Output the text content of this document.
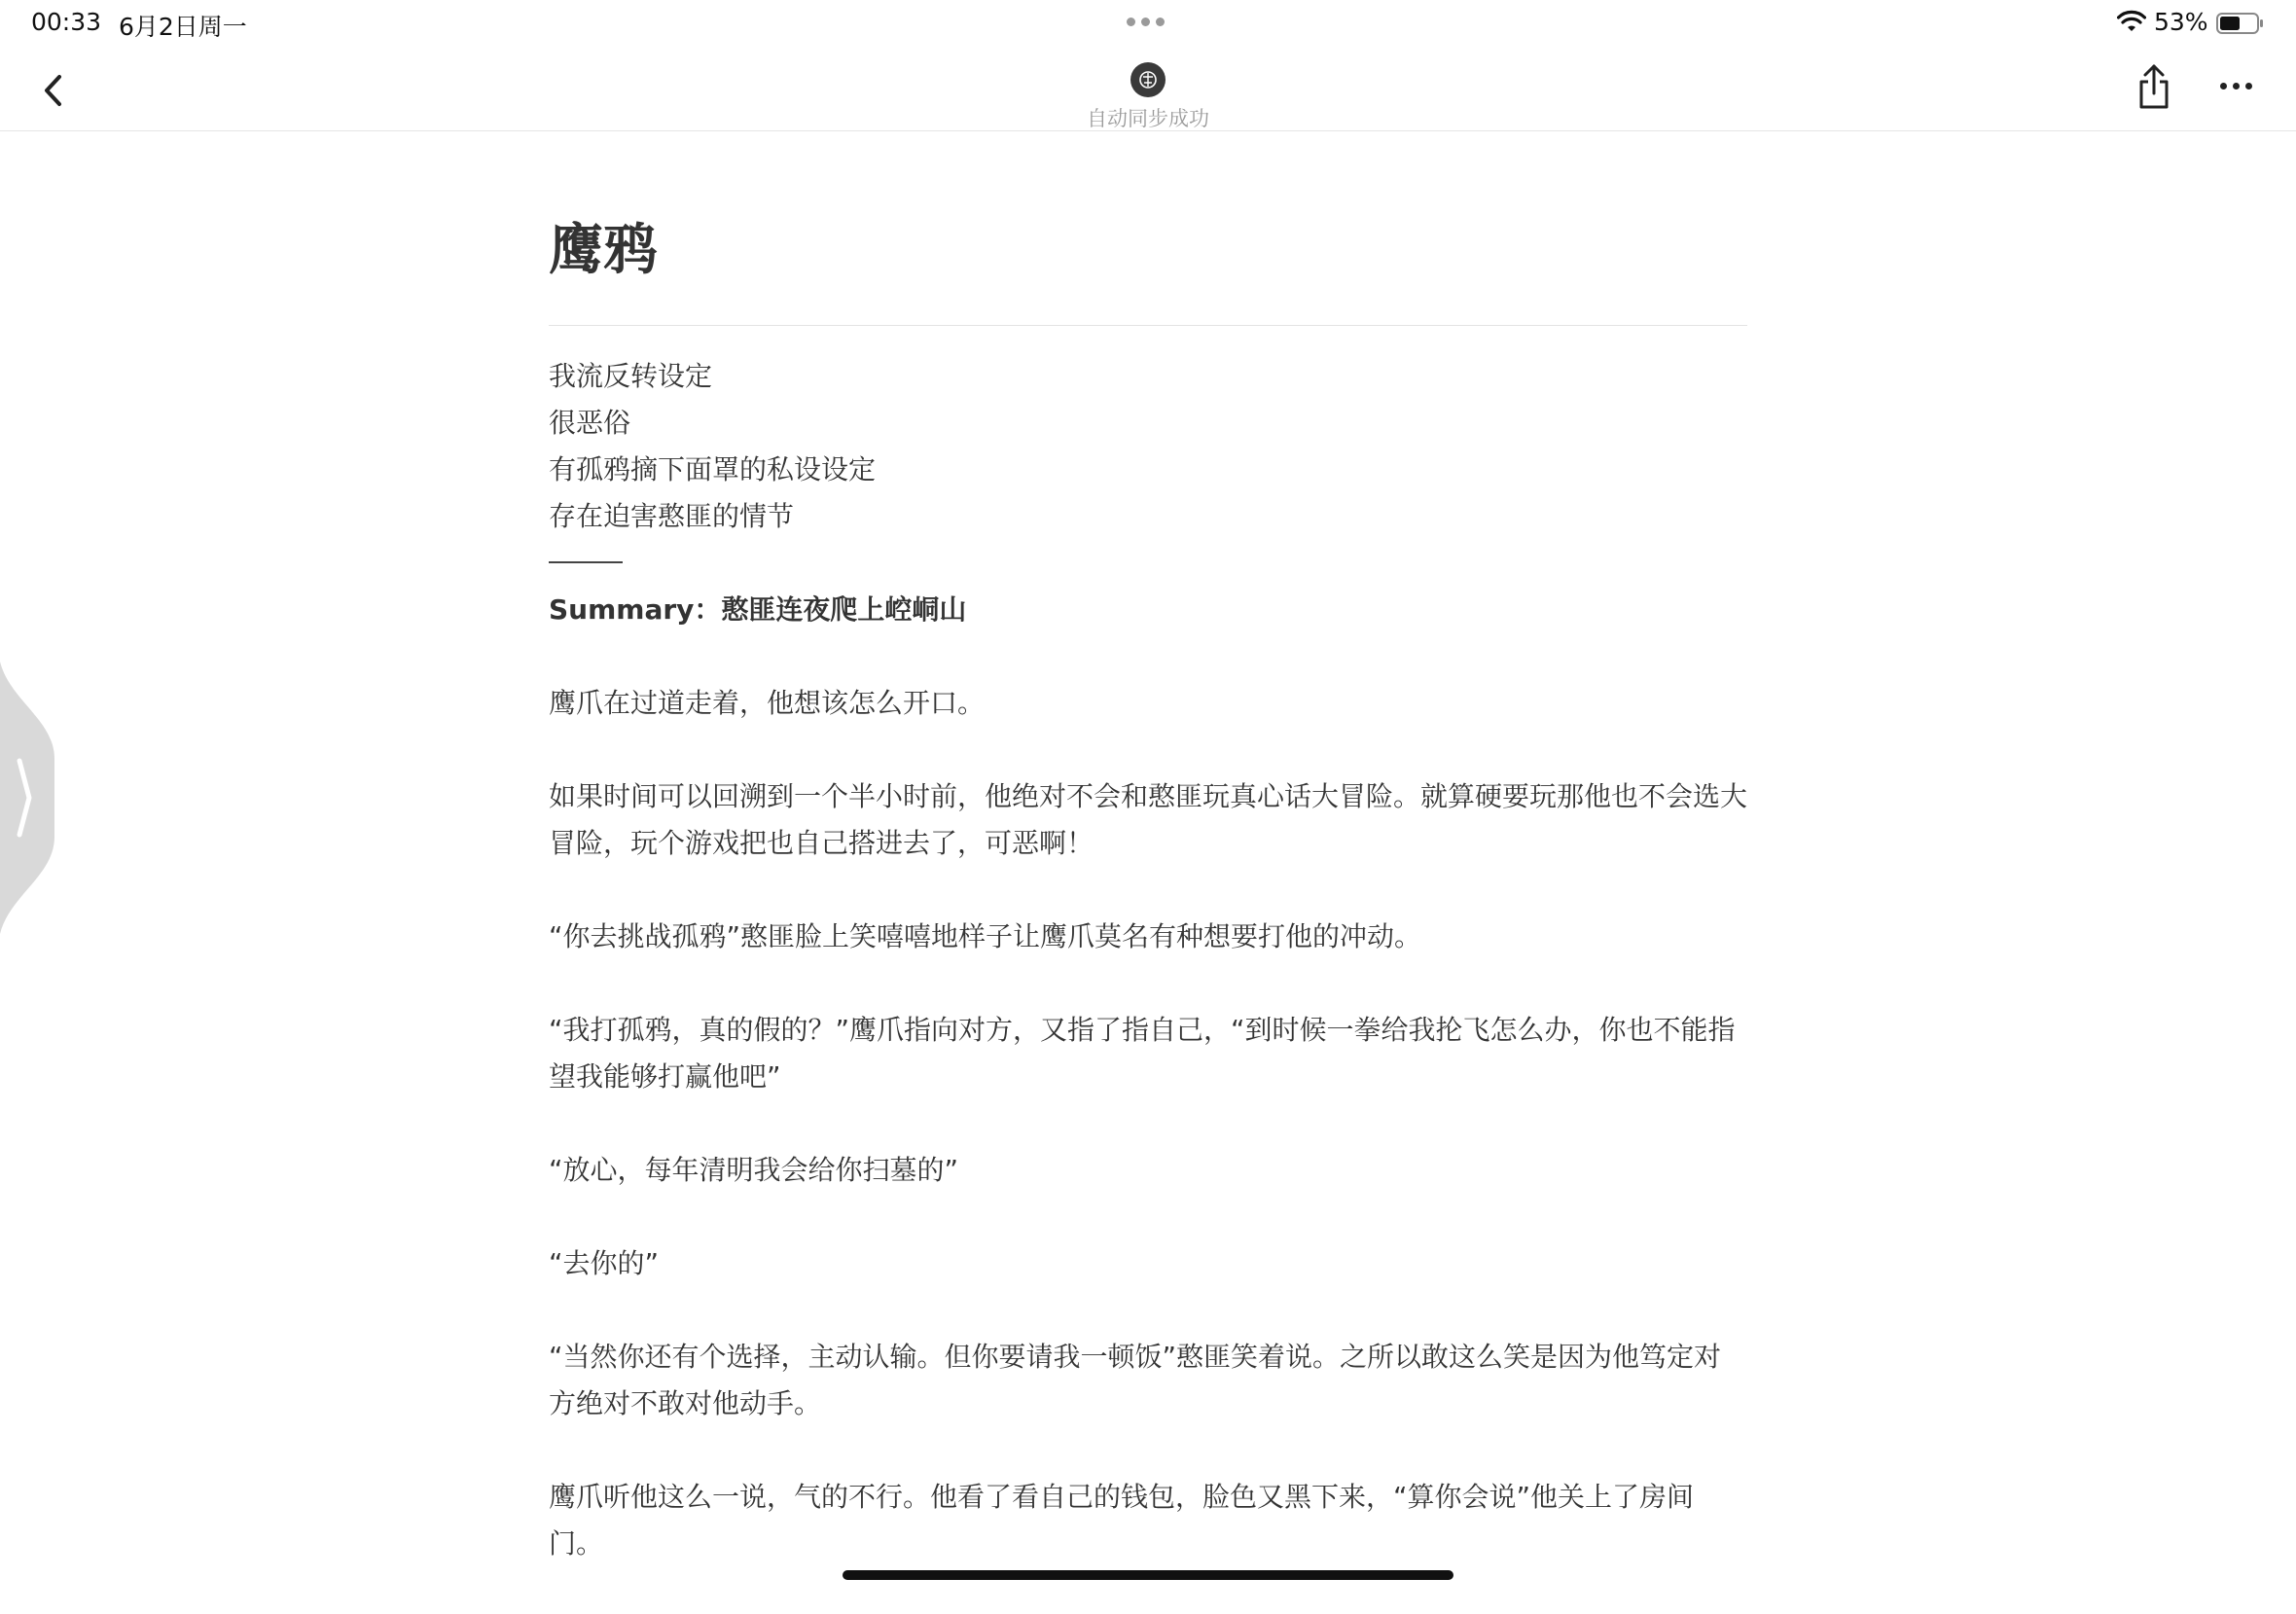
00:33 6月2日周一	53%
自动同步成功
鹰鸦

我流反转设定

很恶俗

有孤鸦摘下面罩的私设设定

存在迫害憨匪的情节

Summary：憨匪连夜爬上崆峒山

鹰爪在过道走着，他想该怎么开口。

如果时间可以回溯到一个半小时前，他绝对不会和憨匪玩真心话大冒险。就算硬要玩那他也不会选大冒险，玩个游戏把也自己搭进去了，可恶啊！

“你去挑战孤鸦”憨匪脸上笑嘻嘻地样子让鹰爪莫名有种想要打他的冲动。

“我打孤鸦，真的假的？”鹰爪指向对方，又指了指自己，“到时候一拳给我抡飞怎么办，你也不能指望我能够打赢他吧”

“放心，每年清明我会给你扫墓的”

“去你的”

“当然你还有个选择，主动认输。但你要请我一顿饭”憨匪笑着说。之所以敢这么笑是因为他笃定对方绝对不敢对他动手。

鹰爪听他这么一说，气的不行。他看了看自己的钱包，脸色又黑下来，“算你会说”他关上了房间门。
